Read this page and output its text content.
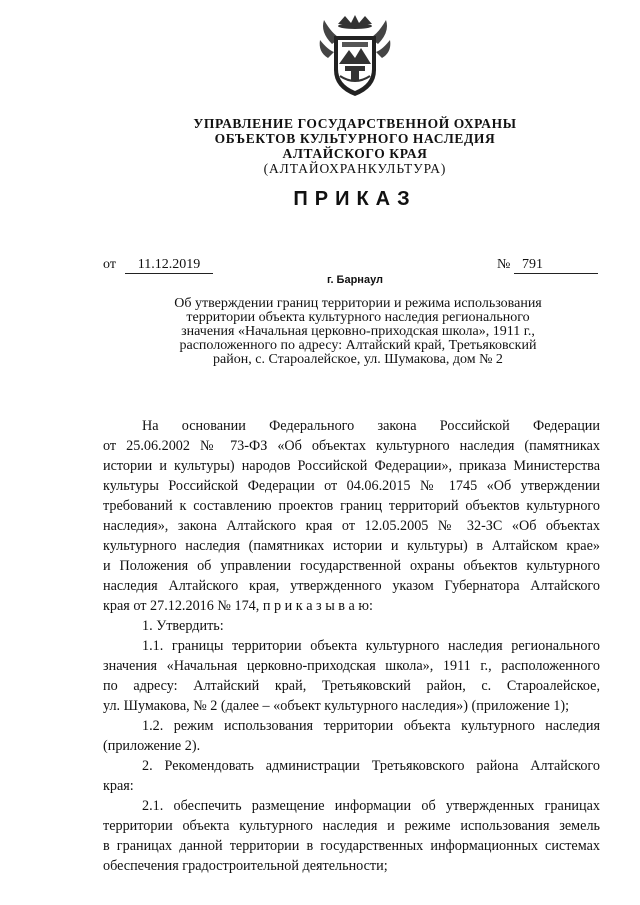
УПРАВЛЕНИЕ ГОСУДАРСТВЕННОЙ ОХРАНЫ
ОБЪЕКТОВ КУЛЬТУРНОГО НАСЛЕДИЯ
АЛТАЙСКОГО КРАЯ
(АЛТАЙОХРАНКУЛЬТУРА)
ПРИКАЗ
от	11.12.2019	№ 791
г. Барнаул
Об утверждении границ территории и режима использования
территории объекта культурного наследия регионального
значения «Начальная церковно-приходская школа», 1911 г.,
расположенного по адресу: Алтайский край, Третьяковский
район, с. Староалейское, ул. Шумакова, дом № 2
На основании Федерального закона Российской Федерации
от 25.06.2002 № 73-ФЗ «Об объектах культурного наследия (памятниках
истории и культуры) народов Российской Федерации», приказа Министерства
культуры Российской Федерации от 04.06.2015 № 1745 «Об утверждении
требований к составлению проектов границ территорий объектов культурного
наследия», закона Алтайского края от 12.05.2005 № 32-ЗС «Об объектах
культурного наследия (памятниках истории и культуры) в Алтайском крае»
и Положения об управлении государственной охраны объектов культурного
наследия Алтайского края, утвержденного указом Губернатора Алтайского
края от 27.12.2016 № 174, п р и к а з ы в а ю:
1. Утвердить:
1.1. границы территории объекта культурного наследия регионального
значения «Начальная церковно-приходская школа», 1911 г., расположенного
по адресу: Алтайский край, Третьяковский район, с. Староалейское,
ул. Шумакова, № 2 (далее – «объект культурного наследия») (приложение 1);
1.2. режим использования территории объекта культурного наследия
(приложение 2).
2. Рекомендовать администрации Третьяковского района Алтайского
края:
2.1. обеспечить размещение информации об утвержденных границах
территории объекта культурного наследия и режиме использования земель
в границах данной территории в государственных информационных системах
обеспечения градостроительной деятельности;
